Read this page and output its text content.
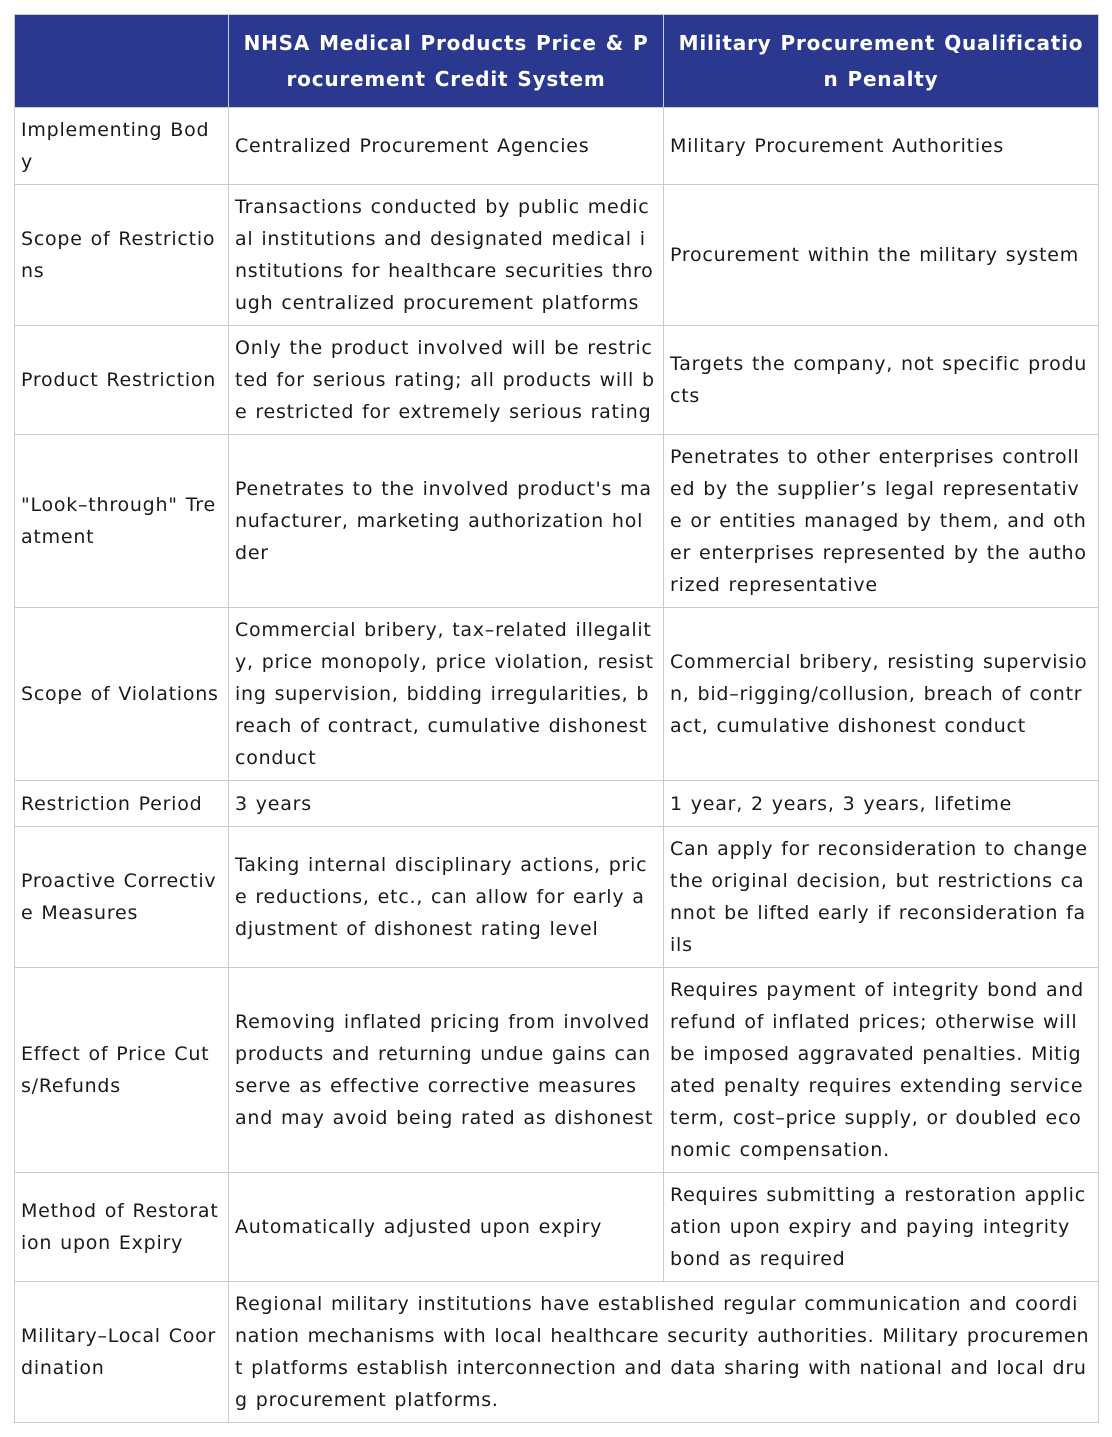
	NHSA Medical Products Price & Procurement Credit System	Military Procurement Qualification Penalty
Implementing Body	Centralized Procurement Agencies	Military Procurement Authorities
Scope of Restrictions	Transactions conducted by public medical institutions and designated medical institutions for healthcare securities through centralized procurement platforms	Procurement within the military system
Product Restriction	Only the product involved will be restricted for serious rating; all products will be restricted for extremely serious rating	Targets the company, not specific products
"Look–through" Treatment	Penetrates to the involved product's manufacturer, marketing authorization holder	Penetrates to other enterprises controlled by the supplier’s legal representative or entities managed by them, and other enterprises represented by the authorized representative
Scope of Violations	Commercial bribery, tax–related illegality, price monopoly, price violation, resisting supervision, bidding irregularities, breach of contract, cumulative dishonest conduct	Commercial bribery, resisting supervision, bid–rigging/collusion, breach of contract, cumulative dishonest conduct
Restriction Period	3 years	1 year, 2 years, 3 years, lifetime
Proactive Corrective Measures	Taking internal disciplinary actions, price reductions, etc., can allow for early adjustment of dishonest rating level	Can apply for reconsideration to change the original decision, but restrictions cannot be lifted early if reconsideration fails
Effect of Price Cuts/Refunds	Removing inflated pricing from involved products and returning undue gains can serve as effective corrective measures and may avoid being rated as dishonest	Requires payment of integrity bond and refund of inflated prices; otherwise will be imposed aggravated penalties. Mitigated penalty requires extending service term, cost–price supply, or doubled economic compensation.
Method of Restoration upon Expiry	Automatically adjusted upon expiry	Requires submitting a restoration application upon expiry and paying integrity bond as required
Military–Local Coordination	Regional military institutions have established regular communication and coordination mechanisms with local healthcare security authorities. Military procurement platforms establish interconnection and data sharing with national and local drug procurement platforms.	
